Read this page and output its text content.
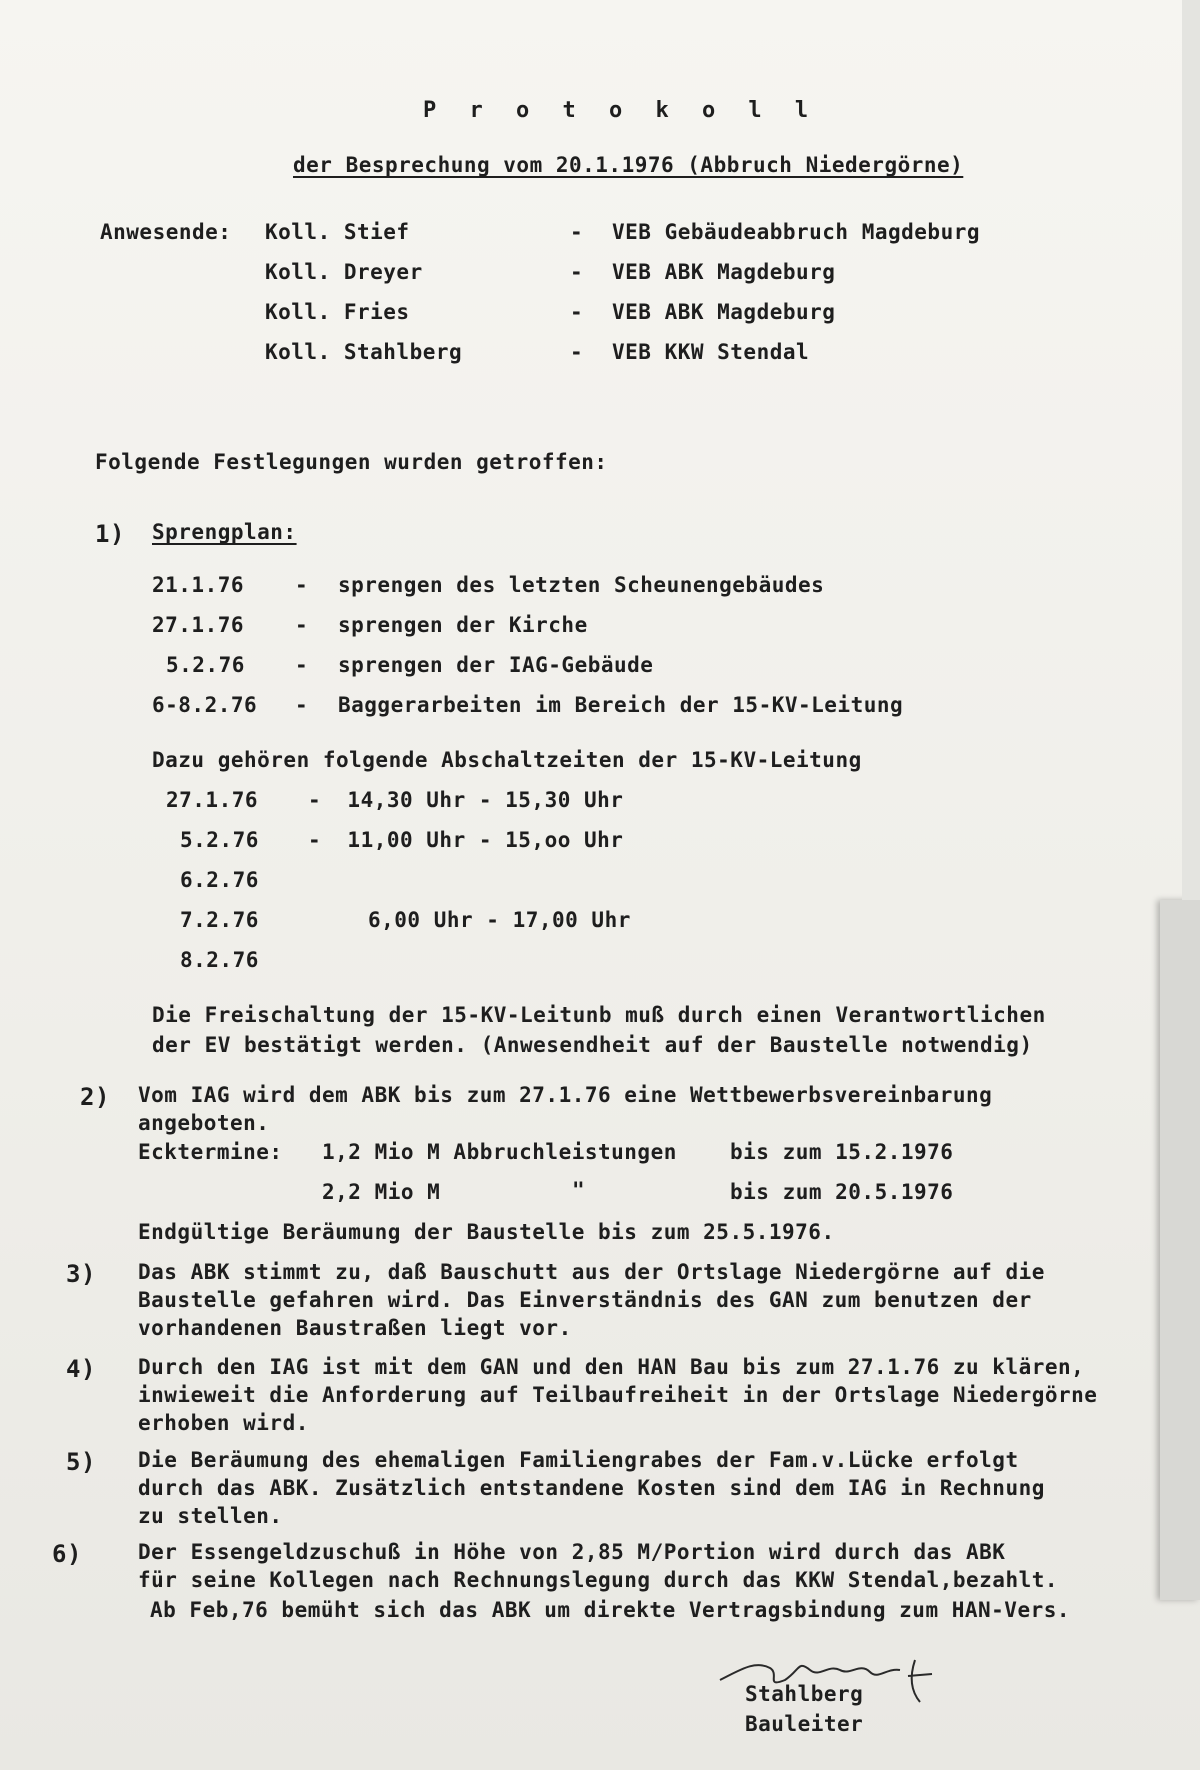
P r o t o k o l l
der Besprechung vom 20.1.1976 (Abbruch Niedergörne)
Anwesende: Koll. Stief	- VEB Gebäudeabbruch Magdeburg
Koll. Dreyer	- VEB ABK Magdeburg
Koll. Fries	- VEB ABK Magdeburg
Koll. Stahlberg	- VEB KKW Stendal
Folgende Festlegungen wurden getroffen:
1) Sprengplan:
21.1.76 - sprengen des letzten Scheunengebäudes
27.1.76 - sprengen der Kirche
5.2.76 - sprengen der IAG-Gebäude
6-8.2.76 - Baggerarbeiten im Bereich der 15-KV-Leitung
Dazu gehören folgende Abschaltzeiten der 15-KV-Leitung
27.1.76 -  14,30 Uhr - 15,30 Uhr
5.2.76 -  11,00 Uhr - 15,oo Uhr
6.2.76
7.2.76	6,00 Uhr - 17,00 Uhr
8.2.76
Die Freischaltung der 15-KV-Leitunb muß durch einen Verantwortlichen
der EV bestätigt werden. (Anwesendheit auf der Baustelle notwendig)
2) Vom IAG wird dem ABK bis zum 27.1.76 eine Wettbewerbsvereinbarung
angeboten.
Ecktermine: 1,2 Mio M Abbruchleistungen	bis zum 15.2.1976
2,2 Mio M	"	bis zum 20.5.1976
Endgültige Beräumung der Baustelle bis zum 25.5.1976.
3) Das ABK stimmt zu, daß Bauschutt aus der Ortslage Niedergörne auf die
Baustelle gefahren wird. Das Einverständnis des GAN zum benutzen der
vorhandenen Baustraßen liegt vor.
4) Durch den IAG ist mit dem GAN und den HAN Bau bis zum 27.1.76 zu klären,
inwieweit die Anforderung auf Teilbaufreiheit in der Ortslage Niedergörne
erhoben wird.
5) Die Beräumung des ehemaligen Familiengrabes der Fam.v.Lücke erfolgt
durch das ABK. Zusätzlich entstandene Kosten sind dem IAG in Rechnung
zu stellen.
6)	Der Essengeldzuschuß in Höhe von 2,85 M/Portion wird durch das ABK
für seine Kollegen nach Rechnungslegung durch das KKW Stendal,bezahlt.
Ab Feb,76 bemüht sich das ABK um direkte Vertragsbindung zum HAN-Vers.
Stahlberg
Bauleiter
